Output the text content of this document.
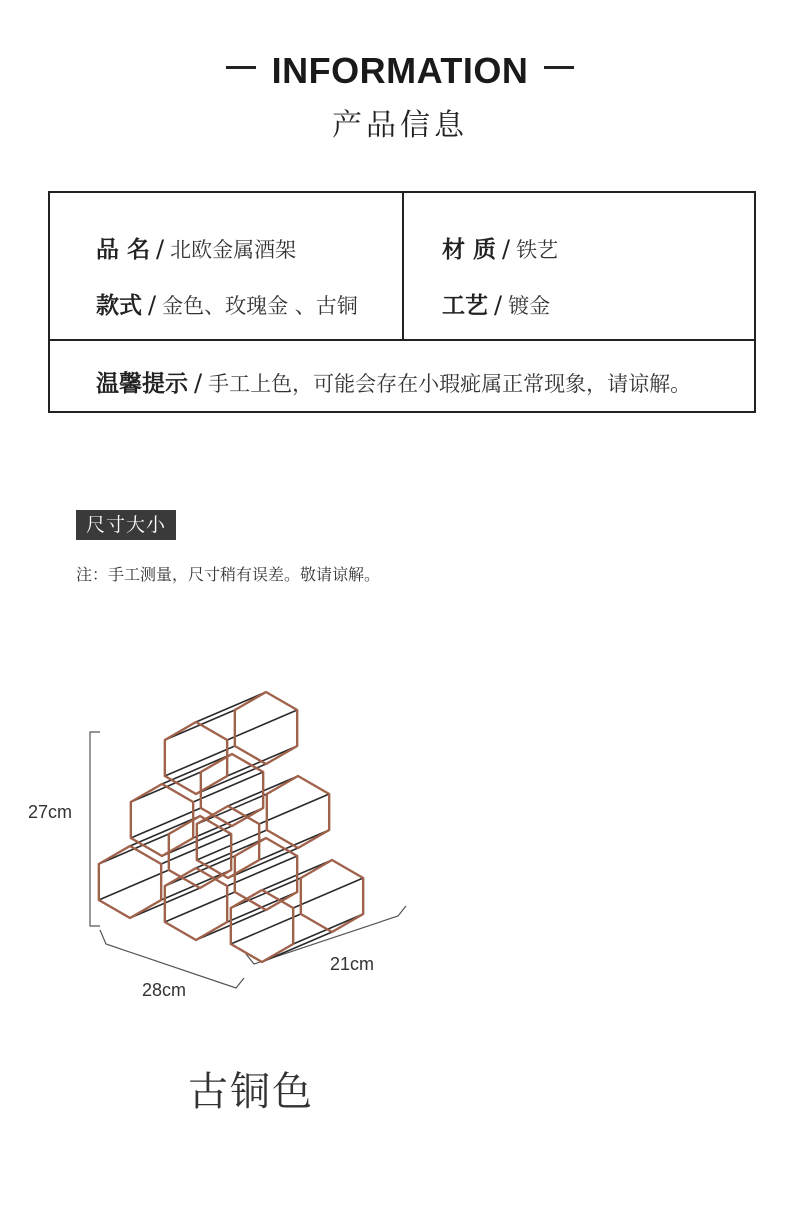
INFORMATION
产品信息
品 名 / 北欧金属酒架	材 质 / 铁艺
款式 / 金色、玫瑰金 、古铜	工艺 / 镀金
温馨提示 / 手工上色，可能会存在小瑕疵属正常现象，请谅解。
尺寸大小
注：手工测量，尺寸稍有误差。敬请谅解。
27cm
28cm
21cm
古铜色
